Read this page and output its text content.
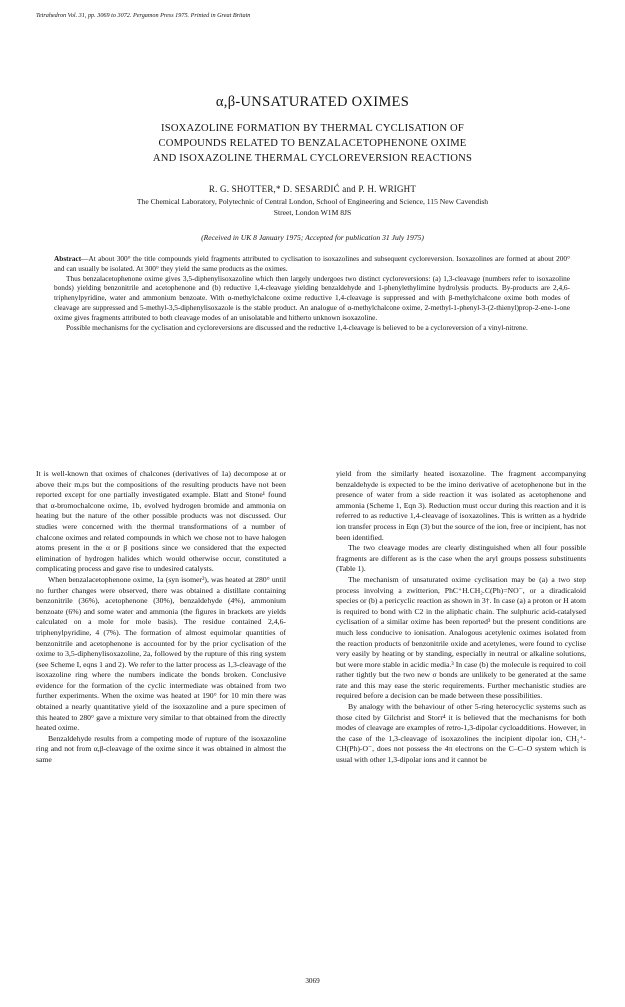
Tetrahedron Vol. 31, pp. 3069 to 3072. Pergamon Press 1975. Printed in Great Britain
α,β-UNSATURATED OXIMES
ISOXAZOLINE FORMATION BY THERMAL CYCLISATION OF
COMPOUNDS RELATED TO BENZALACETOPHENONE OXIME
AND ISOXAZOLINE THERMAL CYCLOREVERSION REACTIONS
R. G. SHOTTER,* D. SESARDIĆ and P. H. WRIGHT
The Chemical Laboratory, Polytechnic of Central London, School of Engineering and Science, 115 New Cavendish
Street, London W1M 8JS
(Received in UK 8 January 1975; Accepted for publication 31 July 1975)

Abstract—At about 300° the title compounds yield fragments attributed to cyclisation to isoxazolines and subsequent cycloreversion. Isoxazolines are formed at about 200° and can usually be isolated. At 300° they yield the same products as the oximes.

Thus benzalacetophenone oxime gives 3,5-diphenylisoxazoline which then largely undergoes two distinct cycloreversions: (a) 1,3-cleavage (numbers refer to isoxazoline bonds) yielding benzonitrile and acetophenone and (b) reductive 1,4-cleavage yielding benzaldehyde and 1-phenylethylimine hydrolysis products. By-products are 2,4,6-triphenylpyridine, water and ammonium benzoate. With α-methylchalcone oxime reductive 1,4-cleavage is suppressed and with β-methylchalcone oxime both modes of cleavage are suppressed and 5-methyl-3,5-diphenylisoxazole is the stable product. An analogue of α-methylchalcone oxime, 2-methyl-1-phenyl-3-(2-thienyl)prop-2-ene-1-one oxime gives fragments attributed to both cleavage modes of an unisolatable and hitherto unknown isoxazoline.

Possible mechanisms for the cyclisation and cycloreversions are discussed and the reductive 1,4-cleavage is believed to be a cycloreversion of a vinyl-nitrene.

It is well-known that oximes of chalcones (derivatives of 1a) decompose at or above their m.ps but the compositions of the resulting products have not been reported except for one partially investigated example. Blatt and Stone¹ found that α-bromochalcone oxime, 1b, evolved hydrogen bromide and ammonia on heating but the nature of the other possible products was not discussed. Our studies were concerned with the thermal transformations of a number of chalcone oximes and related compounds in which we chose not to have halogen atoms present in the α or β positions since we considered that the expected elimination of hydrogen halides which would otherwise occur, constituted a complicating process and gave rise to undesired catalysts.

When benzalacetophenone oxime, 1a (syn isomer²), was heated at 280° until no further changes were observed, there was obtained a distillate containing benzonitrile (36%), acetophenone (30%), benzaldehyde (4%), ammonium benzoate (6%) and some water and ammonia (the figures in brackets are yields calculated on a mole for mole basis). The residue contained 2,4,6-triphenylpyridine, 4 (7%). The formation of almost equimolar quantities of benzonitrile and acetophenone is accounted for by the prior cyclisation of the oxime to 3,5-diphenylisoxazoline, 2a, followed by the rupture of this ring system (see Scheme I, eqns 1 and 2). We refer to the latter process as 1,3-cleavage of the isoxazoline ring where the numbers indicate the bonds broken. Conclusive evidence for the formation of the cyclic intermediate was obtained from two further experiments. When the oxime was heated at 190° for 10 min there was obtained a nearly quantitative yield of the isoxazoline and a pure specimen of this heated to 280° gave a mixture very similar to that obtained from the directly heated oxime.

Benzaldehyde results from a competing mode of rupture of the isoxazoline ring and not from α,β-cleavage of the oxime since it was obtained in almost the same

yield from the similarly heated isoxazoline. The fragment accompanying benzaldehyde is expected to be the imino derivative of acetophenone but in the presence of water from a side reaction it was isolated as acetophenone and ammonia (Scheme 1, Eqn 3). Reduction must occur during this reaction and it is referred to as reductive 1,4-cleavage of isoxazolines. This is written as a hydride ion transfer process in Eqn (3) but the source of the ion, free or incipient, has not been identified.

The two cleavage modes are clearly distinguished when all four possible fragments are different as is the case when the aryl groups possess substituents (Table 1).

The mechanism of unsaturated oxime cyclisation may be (a) a two step process involving a zwitterion, PhC⁺H.CH₂.C(Ph)=NO⁻, or a diradicaloid species or (b) a pericyclic reaction as shown in 3†. In case (a) a proton or H atom is required to bond with C2 in the aliphatic chain. The sulphuric acid-catalysed cyclisation of a similar oxime has been reported³ but the present conditions are much less conducive to ionisation. Analogous acetylenic oximes isolated from the reaction products of benzonitrile oxide and acetylenes, were found to cyclise very easily by heating or by standing, especially in neutral or alkaline solutions, but were more stable in acidic media.³ In case (b) the molecule is required to coil rather tightly but the two new σ bonds are unlikely to be generated at the same rate and this may ease the steric requirements. Further mechanistic studies are required before a decision can be made between these possibilities.

By analogy with the behaviour of other 5-ring heterocyclic systems such as those cited by Gilchrist and Storr⁴ it is believed that the mechanisms for both modes of cleavage are examples of retro-1,3-dipolar cycloadditions. However, in the case of the 1,3-cleavage of isoxazolines the incipient dipolar ion, CH₂⁺-CH(Ph)-O⁻, does not possess the 4π electrons on the C–C–O system which is usual with other 1,3-dipolar ions and it cannot be

3069
